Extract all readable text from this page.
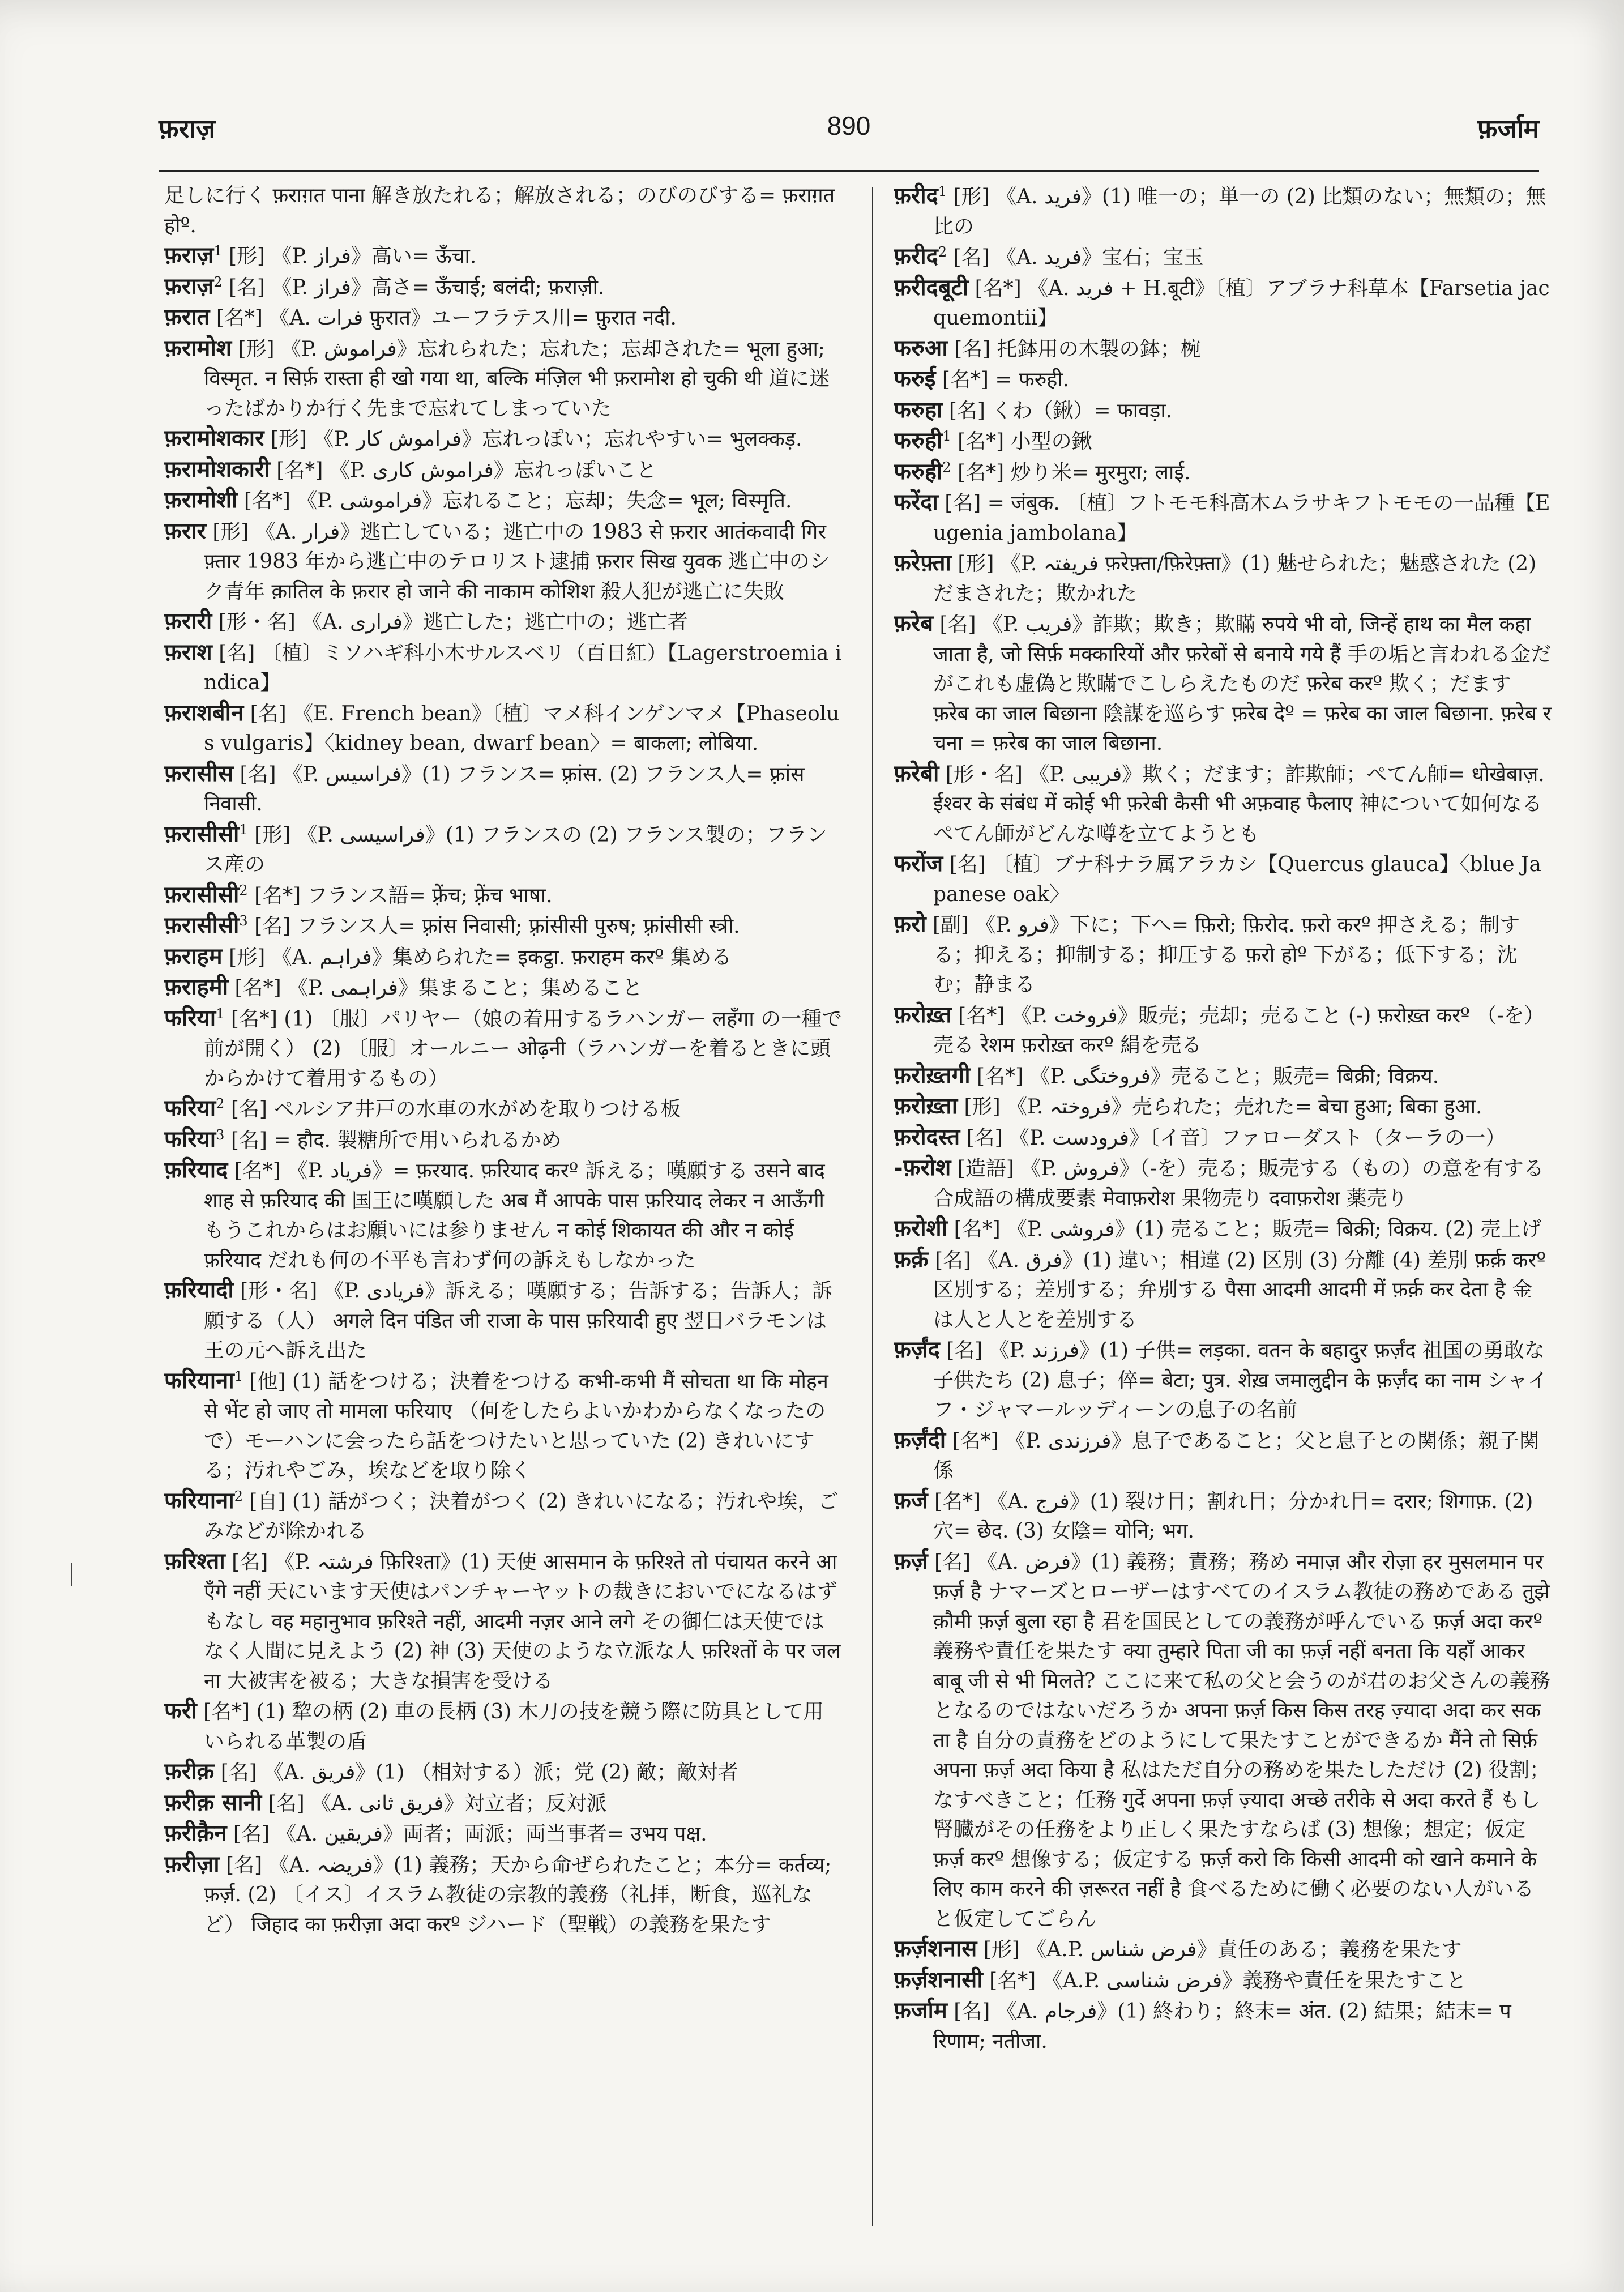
फ़राज़	890	फ़र्जाम

足しに行く फ़राग़त पाना 解き放たれる；解放される；のびのびする= फ़राग़त होº.

फ़राज़$^1$ [形] 《P. فراز》高い= ऊँचा.

फ़राज़$^2$ [名] 《P. فراز》高さ= ऊँचाई; बलंदी; फ़राज़ी.

फ़रात [名*] 《A. فرات फ़ुरात》ユーフラテス川= फ़ुरात नदी.

फ़रामोश [形] 《P. فراموش》忘れられた；忘れた；忘却された= भूला हुआ; विस्मृत. न सिर्फ़ रास्ता ही खो गया था, बल्कि मंज़िल भी फ़रामोश हो चुकी थी 道に迷ったばかりか行く先まで忘れてしまっていた

फ़रामोशकार [形] 《P. فراموش کار》忘れっぽい；忘れやすい= भुलक्कड़.

फ़रामोशकारी [名*] 《P. فراموش کاری》忘れっぽいこと

फ़रामोशी [名*] 《P. فراموشی》忘れること；忘却；失念= भूल; विस्मृति.

फ़रार [形] 《A. فرار》逃亡している；逃亡中の 1983 से फ़रार आतंकवादी गिरफ़्तार 1983 年から逃亡中のテロリスト逮捕 फ़रार सिख युवक 逃亡中のシク青年 क़ातिल के फ़रार हो जाने की नाकाम कोशिश 殺人犯が逃亡に失敗

फ़रारी [形・名] 《A. فراری》逃亡した；逃亡中の；逃亡者

फ़राश [名] 〔植〕ミソハギ科小木サルスベリ（百日紅）【Lagerstroemia indica】

फ़राशबीन [名] 《E. French bean》〔植〕マメ科インゲンマメ【Phaseolus vulgaris】〈kidney bean, dwarf bean〉= बाकला; लोबिया.

फ़रासीस [名] 《P. فراسیس》(1) フランス= फ़्रांस. (2) フランス人= फ़्रांस निवासी.

फ़रासीसी$^1$ [形] 《P. فراسیسی》(1) フランスの (2) フランス製の；フランス産の

फ़रासीसी$^2$ [名*] フランス語= फ़्रेंच; फ़्रेंच भाषा.

फ़रासीसी$^3$ [名] フランス人= फ़्रांस निवासी; फ़्रांसीसी पुरुष; फ़्रांसीसी स्त्री.

फ़राहम [形] 《A. فراہم》集められた= इकट्ठा. फ़राहम करº 集める

फ़राहमी [名*] 《P. فراہمی》集まること；集めること

फरिया$^1$ [名*] (1) 〔服〕パリヤー（娘の着用するラハンガー लहँगा の一種で前が開く） (2) 〔服〕オールニー ओढ़नी（ラハンガーを着るときに頭からかけて着用するもの）

फरिया$^2$ [名] ペルシア井戸の水車の水がめを取りつける板

फरिया$^3$ [名] = हौद. 製糖所で用いられるかめ

फ़रियाद [名*] 《P. فریاد》= फ़रयाद. फ़रियाद करº 訴える；嘆願する उसने बादशाह से फ़रियाद की 国王に嘆願した अब मैं आपके पास फ़रियाद लेकर न आऊँगी もうこれからはお願いには参りません न कोई शिकायत की और न कोई फ़रियाद だれも何の不平も言わず何の訴えもしなかった

फ़रियादी [形・名] 《P. فریادی》訴える；嘆願する；告訴する；告訴人；訴願する（人） अगले दिन पंडित जी राजा के पास फ़रियादी हुए 翌日バラモンは王の元へ訴え出た

फरियाना$^1$ [他] (1) 話をつける；決着をつける कभी-कभी मैं सोचता था कि मोहन से भेंट हो जाए तो मामला फरियाए （何をしたらよいかわからなくなったので）モーハンに会ったら話をつけたいと思っていた (2) きれいにする；汚れやごみ，埃などを取り除く

फरियाना$^2$ [自] (1) 話がつく；決着がつく (2) きれいになる；汚れや埃，ごみなどが除かれる

फ़रिश्ता [名] 《P. فرشتہ फ़िरिश्ता》(1) 天使 आसमान के फ़रिश्ते तो पंचायत करने आएँगे नहीं 天にいます天使はパンチャーヤットの裁きにおいでになるはずもなし वह महानुभाव फ़रिश्ते नहीं, आदमी नज़र आने लगे その御仁は天使ではなく人間に見えよう (2) 神 (3) 天使のような立派な人 फ़रिश्तों के पर जलना 大被害を被る；大きな損害を受ける

फरी [名*] (1) 犂の柄 (2) 車の長柄 (3) 木刀の技を競う際に防具として用いられる革製の盾

फ़रीक़ [名] 《A. فریق》(1) （相対する）派；党 (2) 敵；敵対者

फ़रीक़ सानी [名] 《A. فریق ثانی》対立者；反対派

फ़रीक़ैन [名] 《A. فریقین》両者；両派；両当事者= उभय पक्ष.

फ़रीज़ा [名] 《A. فریضہ》(1) 義務；天から命ぜられたこと；本分= कर्तव्य; फ़र्ज़. (2) 〔イス〕イスラム教徒の宗教的義務（礼拝，断食，巡礼など） जिहाद का फ़रीज़ा अदा करº ジハード（聖戦）の義務を果たす

फ़रीद$^1$ [形] 《A. فرید》(1) 唯一の；単一の (2) 比類のない；無類の；無比の

फ़रीद$^2$ [名] 《A. فرید》宝石；宝玉

फ़रीदबूटी [名*] 《A. فرید + H.बूटी》〔植〕アブラナ科草本【Farsetia jacquemontii】

फरुआ [名] 托鉢用の木製の鉢；椀

फरुई [名*] = फरुही.

फरुहा [名] くわ（鍬）= फावड़ा.

फरुही$^1$ [名*] 小型の鍬

फरुही$^2$ [名*] 炒り米= मुरमुरा; लाई.

फरेंदा [名] = जंबुक. 〔植〕フトモモ科高木ムラサキフトモモの一品種【Eugenia jambolana】

फ़रेफ़्ता [形] 《P. فریفتہ फ़रेफ़्ता/फ़िरेफ़्ता》(1) 魅せられた；魅惑された (2) だまされた；欺かれた

फ़रेब [名] 《P. فریب》詐欺；欺き；欺瞞 रुपये भी वो, जिन्हें हाथ का मैल कहा जाता है, जो सिर्फ़ मक्कारियों और फ़रेबों से बनाये गये हैं 手の垢と言われる金だがこれも虚偽と欺瞞でこしらえたものだ फ़रेब करº 欺く；だます फ़रेब का जाल बिछाना 陰謀を巡らす फ़रेब देº = फ़रेब का जाल बिछाना. फ़रेब रचना = फ़रेब का जाल बिछाना.

फ़रेबी [形・名] 《P. فریبی》欺く；だます；詐欺師；ぺてん師= धोखेबाज़. ईश्वर के संबंध में कोई भी फ़रेबी कैसी भी अफ़वाह फैलाए 神について如何なるぺてん師がどんな噂を立てようとも

फरोंज [名] 〔植〕ブナ科ナラ属アラカシ【Quercus glauca】〈blue Japanese oak〉

फ़रो [副] 《P. فرو》下に；下へ= फ़िरो; फ़िरोद. फ़रो करº 押さえる；制する；抑える；抑制する；抑圧する फ़रो होº 下がる；低下する；沈む；静まる

फ़रोख़्त [名*] 《P. فروخت》販売；売却；売ること (-) फ़रोख़्त करº （-を）売る रेशम फ़रोख़्त करº 絹を売る

फ़रोख़्तगी [名*] 《P. فروختگی》売ること；販売= बिक्री; विक्रय.

फ़रोख़्ता [形] 《P. فروختہ》売られた；売れた= बेचा हुआ; बिका हुआ.

फ़रोदस्त [名] 《P. فرودست》〔イ音〕ファローダスト（ターラの一）

-फ़रोश [造語] 《P. فروش》（-を）売る；販売する（もの）の意を有する合成語の構成要素 मेवाफ़रोश 果物売り दवाफ़रोश 薬売り

फ़रोशी [名*] 《P. فروشی》(1) 売ること；販売= बिक्री; विक्रय. (2) 売上げ

फ़र्क़ [名] 《A. فرق》(1) 違い；相違 (2) 区別 (3) 分離 (4) 差別 फ़र्क़ करº 区別する；差別する；弁別する पैसा आदमी आदमी में फ़र्क़ कर देता है 金は人と人とを差別する

फ़र्ज़ंद [名] 《P. فرزند》(1) 子供= लड़का. वतन के बहादुर फ़र्ज़ंद 祖国の勇敢な子供たち (2) 息子；倅= बेटा; पुत्र. शेख़ जमालुद्दीन के फ़र्ज़ंद का नाम シャイフ・ジャマールッディーンの息子の名前

फ़र्ज़ंदी [名*] 《P. فرزندی》息子であること；父と息子との関係；親子関係

फ़र्ज [名*] 《A. فرج》(1) 裂け目；割れ目；分かれ目= दरार; शिगाफ़. (2) 穴= छेद. (3) 女陰= योनि; भग.

फ़र्ज़ [名] 《A. فرض》(1) 義務；責務；務め नमाज़ और रोज़ा हर मुसलमान पर फ़र्ज़ है ナマーズとローザーはすべてのイスラム教徒の務めである तुझे क़ौमी फ़र्ज़ बुला रहा है 君を国民としての義務が呼んでいる फ़र्ज़ अदा करº 義務や責任を果たす क्या तुम्हारे पिता जी का फ़र्ज़ नहीं बनता कि यहाँ आकर बाबू जी से भी मिलते? ここに来て私の父と会うのが君のお父さんの義務となるのではないだろうか अपना फ़र्ज़ किस किस तरह ज़्यादा अदा कर सकता है 自分の責務をどのようにして果たすことができるか मैंने तो सिर्फ़ अपना फ़र्ज़ अदा किया है 私はただ自分の務めを果たしただけ (2) 役割；なすべきこと；任務 गुर्दे अपना फ़र्ज़ ज़्यादा अच्छे तरीके से अदा करते हैं もし腎臓がその任務をより正しく果たすならば (3) 想像；想定；仮定 फ़र्ज़ करº 想像する；仮定する फ़र्ज़ करो कि किसी आदमी को खाने कमाने के लिए काम करने की ज़रूरत नहीं है 食べるために働く必要のない人がいると仮定してごらん

फ़र्ज़शनास [形] 《A.P. فرض شناس》責任のある；義務を果たす

फ़र्ज़शनासी [名*] 《A.P. فرض شناسی》義務や責任を果たすこと

फ़र्जाम [名] 《A. فرجام》(1) 終わり；終末= अंत. (2) 結果；結末= परिणाम; नतीजा.
